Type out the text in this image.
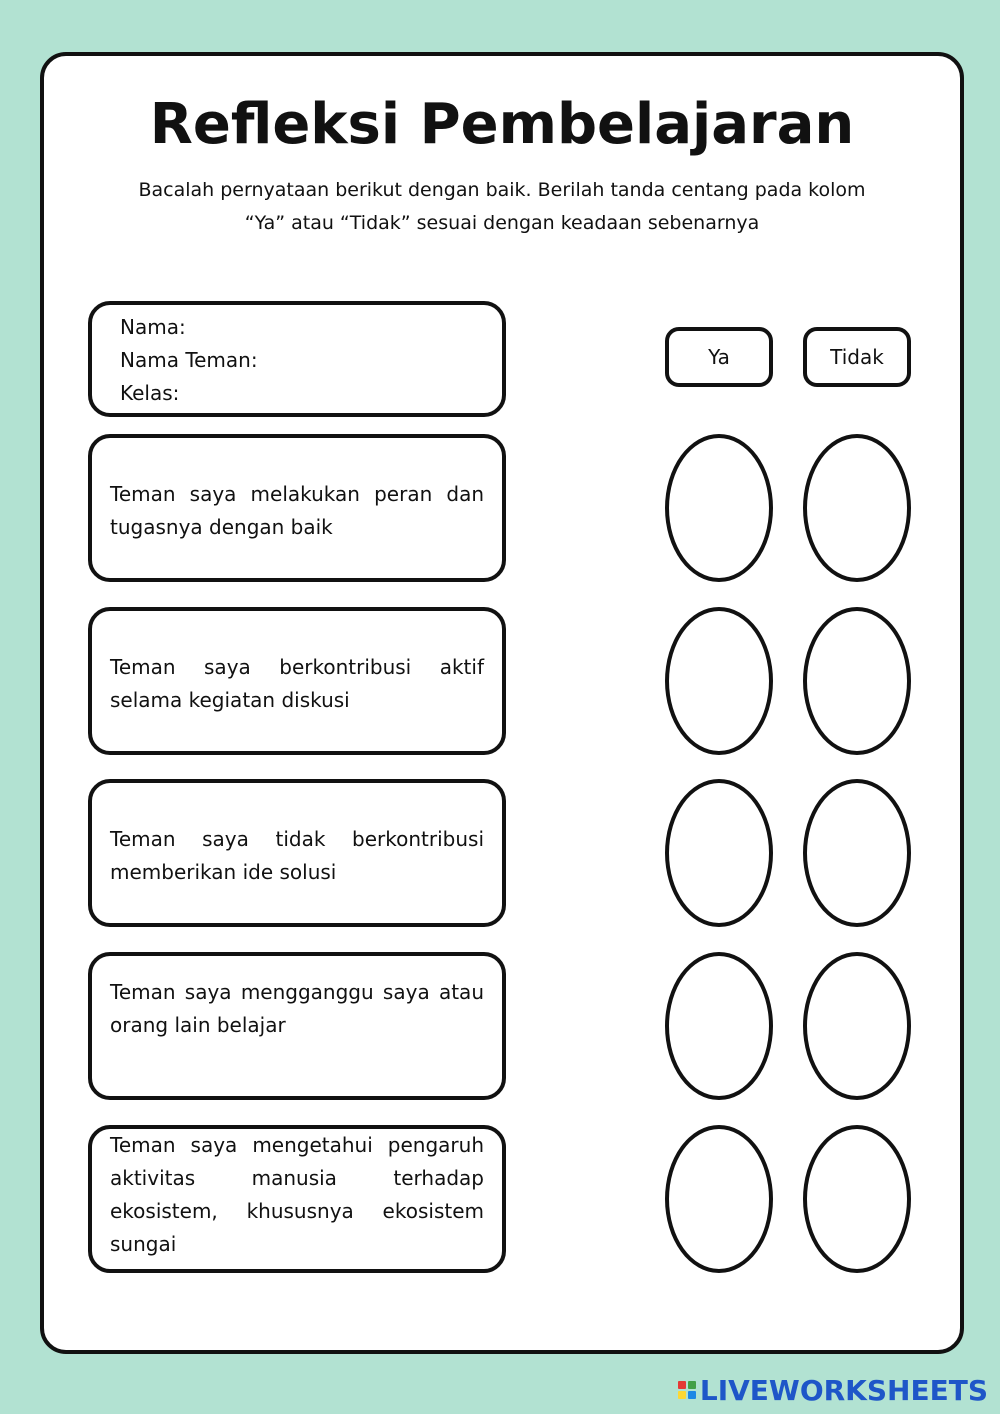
Refleksi Pembelajaran

Bacalah pernyataan berikut dengan baik. Berilah tanda centang pada kolom
“Ya” atau “Tidak” sesuai dengan keadaan sebenarnya

Nama:
Nama Teman:
Kelas:
Ya	Tidak
Teman saya melakukan peran dan tugasnya dengan baik
Teman saya berkontribusi aktif selama kegiatan diskusi
Teman saya tidak berkontribusi memberikan ide solusi
Teman saya mengganggu saya atau orang lain belajar
Teman saya mengetahui pengaruh aktivitas manusia terhadap ekosistem, khususnya ekosistem sungai
LIVEWORKSHEETS
